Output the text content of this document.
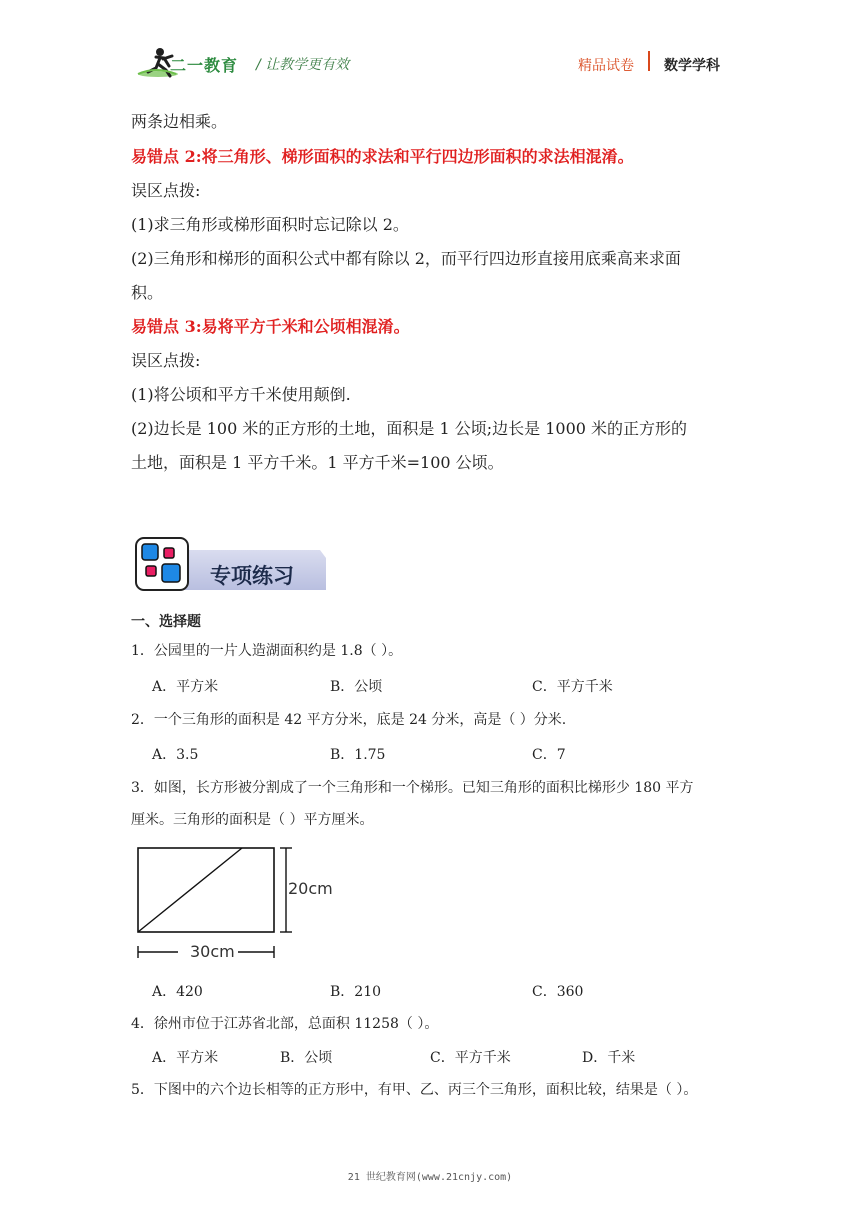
二一教育 / 让教学更有效	精品试卷 数学学科
两条边相乘。
易错点 2:将三角形、梯形面积的求法和平行四边形面积的求法相混淆。
误区点拨:
(1)求三角形或梯形面积时忘记除以 2。
(2)三角形和梯形的面积公式中都有除以 2，而平行四边形直接用底乘高来求面
积。
易错点 3:易将平方千米和公顷相混淆。
误区点拨:
(1)将公顷和平方千米使用颠倒.
(2)边长是 100 米的正方形的土地，面积是 1 公顷;边长是 1000 米的正方形的
土地，面积是 1 平方千米。1 平方千米=100 公顷。
专项练习
一、选择题
1．公园里的一片人造湖面积约是 1.8（ ）。
A．平方米	B．公顷	C．平方千米
2．一个三角形的面积是 42 平方分米，底是 24 分米，高是（ ）分米.
A．3.5	B．1.75	C．7
3．如图，长方形被分割成了一个三角形和一个梯形。已知三角形的面积比梯形少 180 平方
厘米。三角形的面积是（ ）平方厘米。
20cm
30cm
A．420	B．210	C．360
4．徐州市位于江苏省北部，总面积 11258（ ）。
A．平方米	B．公顷	C．平方千米	D．千米
5．下图中的六个边长相等的正方形中，有甲、乙、丙三个三角形，面积比较，结果是（ ）。
21 世纪教育网(www.21cnjy.com)
